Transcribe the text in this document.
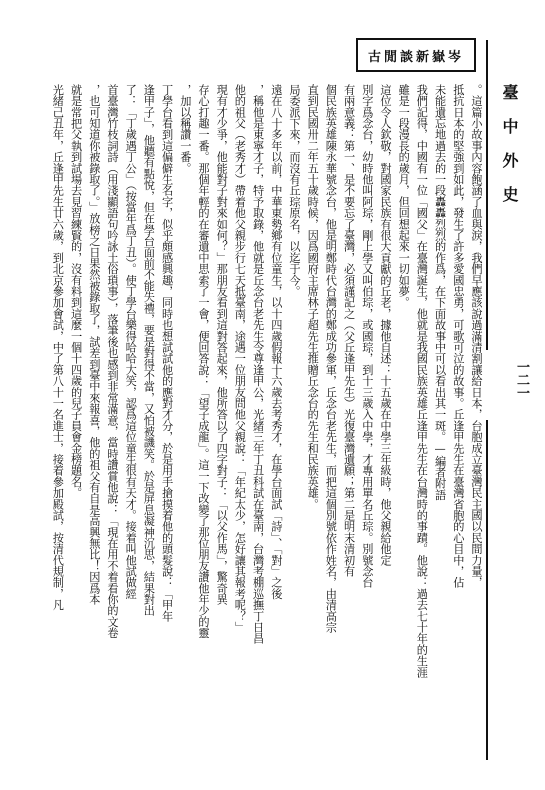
古閒談新嶽岑
臺中外史
一二一
。這篇小故事內容飽涵了血與淚，我們早應該說過滿清割讓給日本，台胞成立臺灣民主國以民間力量，
抵抗日本的堅強到如此，發生了許多愛國忠勇，可歌可泣的故事。丘逢甲先生在臺灣省胞的心目中，佔
未能遺忘地過去的一段轟轟烈烈的作爲，在下面故事中可以看出其一斑。—編者附語
我們記得，中國有一位「國父」在臺灣誕生，他就是我國民族英雄丘逢甲先生在台灣時的事蹟。他說：過去七十年的生涯
雖是一段漫長的歲月，但回想起來一切如夢。
這位令人欽敬，對國家民族有很大貢獻的丘老，據他自述：十五歲在中學三年級時，他父親給他定
別字爲念台，幼時他叫阿琮，剛上學又叫伯琮，或國琮，到十三歲入中學，才專用單名丘琮。別號念台
有兩意義：第一、是不要忘了臺灣，必須謹記之（父丘逢甲先生）光復臺灣遺願；第二是明末清初有
個民族英雄陳永華號念台，他是明鄭時代台灣的鄭成功參軍，丘念台老先生，而把這個別號依作姓名，由清高宗
直到民國卅二年五十歲時候，因爲國府主席林子超先生推贈丘念台的先生和民族英雄。
局委派下來，而沒有丘琮原名，以迄于今。
遠在八十多年以前，中華東勢鄉有位童生，以十四歲假報十六歲去考秀才，在學台面試「詩」、「對」之後
，稱他是東寧才子，特予取錄，他就是丘念台老先生令尊逢甲公，光緒三年丁丑科試在臺南，台灣考棚巡撫丁日昌
他的祖父（老秀才）帶着他父親步行七天抵臺南，途遇一位朋友問他父親說：「年紀太少，怎好讓其報考呢？」
現有才少爭，他能對子對來如何？」那朋友看到這對答起來，他所答以了四字對子：「以父作馬」，驚奇異
存心打趣一番。那個年輕的在審遺中思索了一會，便回答說：「望子成龍」。這一下改變了那位朋友讚他年少的靈
，加以稱讚一番。
丁學台看到這偏僻生名字，似乎頗感興趣，同時也想試試他的應對才分，於是用手搶摸着他的頭髮說：「甲年
逢甲子」，他聽有點悅，但在學台面前不能失禮，要是對得不當，又怕被譏笑。於是屏息凝神沉思，結果對出
了：「丁歲遇丁公」（按當年爲丁丑）。使丁學台樂得哈哈大笑，認爲這位童生很有天才。接着叫他試做經
首臺灣竹枝詞詩（用淺顯語句吟詠土俗瑣事），落筆後也感到非常滿意，當時讚賞他說：「現在用不着看你的文卷
，也可知道你被錄取了。」放榜之日果然被錄取了，試差到臺中來報喜，他的祖父有自是高興無比！因爲本
就是常把父執到試場去見習練賢的，沒有料到這麼一個十四歲的兒子員會金榜題名。
光緒己丑年，丘逢甲先生廿六歲，到北京參加會試，中了第八十一名進士，接着參加殿試，按清代規制，凡
